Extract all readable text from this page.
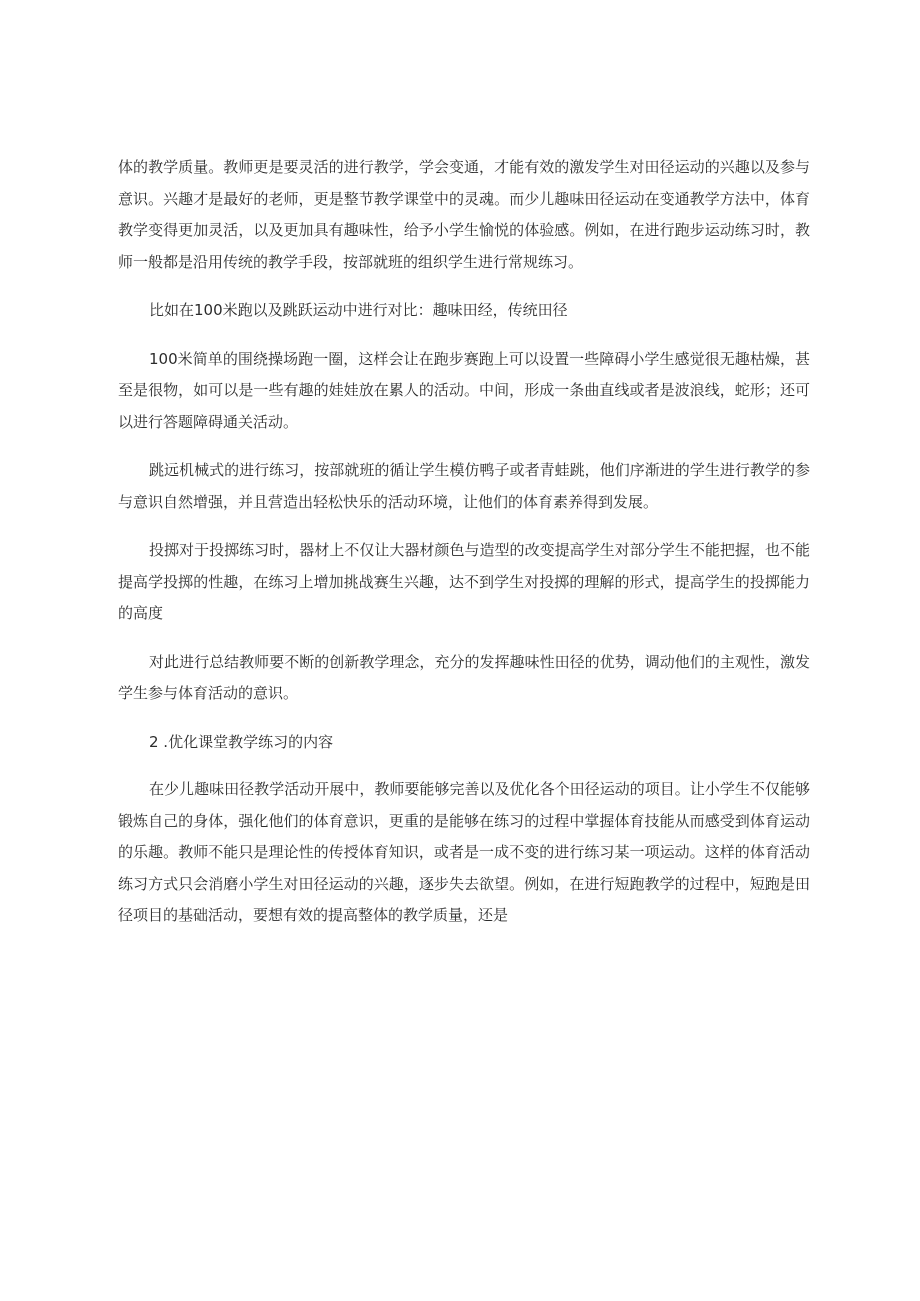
体的教学质量。教师更是要灵活的进行教学，学会变通，才能有效的激发学生对田径运动的兴趣以及参与意识。兴趣才是最好的老师，更是整节教学课堂中的灵魂。而少儿趣味田径运动在变通教学方法中，体育教学变得更加灵活，以及更加具有趣味性，给予小学生愉悦的体验感。例如，在进行跑步运动练习时，教师一般都是沿用传统的教学手段，按部就班的组织学生进行常规练习。

比如在100米跑以及跳跃运动中进行对比：趣味田经，传统田径

100米简单的围绕操场跑一圈，这样会让在跑步赛跑上可以设置一些障碍小学生感觉很无趣枯燥，甚至是很物，如可以是一些有趣的娃娃放在累人的活动。中间，形成一条曲直线或者是波浪线，蛇形；还可以进行答题障碍通关活动。

跳远机械式的进行练习，按部就班的循让学生模仿鸭子或者青蛙跳，他们序渐进的学生进行教学的参与意识自然增强，并且营造出轻松快乐的活动环境，让他们的体育素养得到发展。

投掷对于投掷练习时，器材上不仅让大器材颜色与造型的改变提高学生对部分学生不能把握，也不能提高学投掷的性趣，在练习上增加挑战赛生兴趣，达不到学生对投掷的理解的形式，提高学生的投掷能力的高度

对此进行总结教师要不断的创新教学理念，充分的发挥趣味性田径的优势，调动他们的主观性，激发学生参与体育活动的意识。

2 .优化课堂教学练习的内容

在少儿趣味田径教学活动开展中，教师要能够完善以及优化各个田径运动的项目。让小学生不仅能够锻炼自己的身体，强化他们的体育意识，更重的是能够在练习的过程中掌握体育技能从而感受到体育运动的乐趣。教师不能只是理论性的传授体育知识，或者是一成不变的进行练习某一项运动。这样的体育活动练习方式只会消磨小学生对田径运动的兴趣，逐步失去欲望。例如，在进行短跑教学的过程中，短跑是田径项目的基础活动，要想有效的提高整体的教学质量，还是
